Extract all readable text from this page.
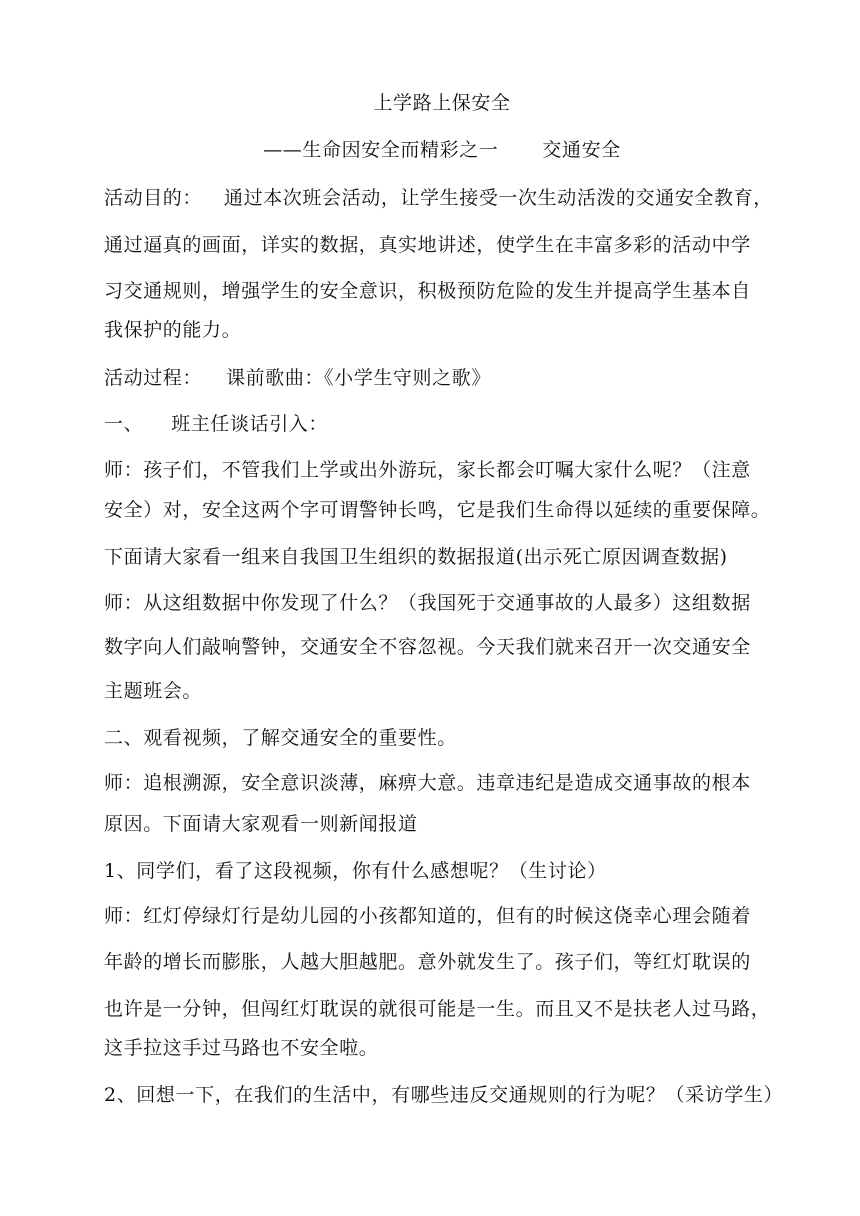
上学路上保安全
——生命因安全而精彩之一 交通安全
活动目的： 通过本次班会活动，让学生接受一次生动活泼的交通安全教育，
通过逼真的画面，详实的数据，真实地讲述，使学生在丰富多彩的活动中学
习交通规则，增强学生的安全意识，积极预防危险的发生并提高学生基本自
我保护的能力。
活动过程： 课前歌曲：《小学生守则之歌》
一、 班主任谈话引入：
师：孩子们，不管我们上学或出外游玩，家长都会叮嘱大家什么呢？（注意
安全）对，安全这两个字可谓警钟长鸣，它是我们生命得以延续的重要保障。
下面请大家看一组来自我国卫生组织的数据报道(出示死亡原因调查数据)
师：从这组数据中你发现了什么？（我国死于交通事故的人最多）这组数据
数字向人们敲响警钟，交通安全不容忽视。今天我们就来召开一次交通安全
主题班会。
二、观看视频，了解交通安全的重要性。
师：追根溯源，安全意识淡薄，麻痹大意。违章违纪是造成交通事故的根本
原因。下面请大家观看一则新闻报道
1、同学们，看了这段视频，你有什么感想呢？（生讨论）
师：红灯停绿灯行是幼儿园的小孩都知道的，但有的时候这侥幸心理会随着
年龄的增长而膨胀，人越大胆越肥。意外就发生了。孩子们，等红灯耽误的
也许是一分钟，但闯红灯耽误的就很可能是一生。而且又不是扶老人过马路，
这手拉这手过马路也不安全啦。
2、回想一下，在我们的生活中，有哪些违反交通规则的行为呢？（采访学生）
